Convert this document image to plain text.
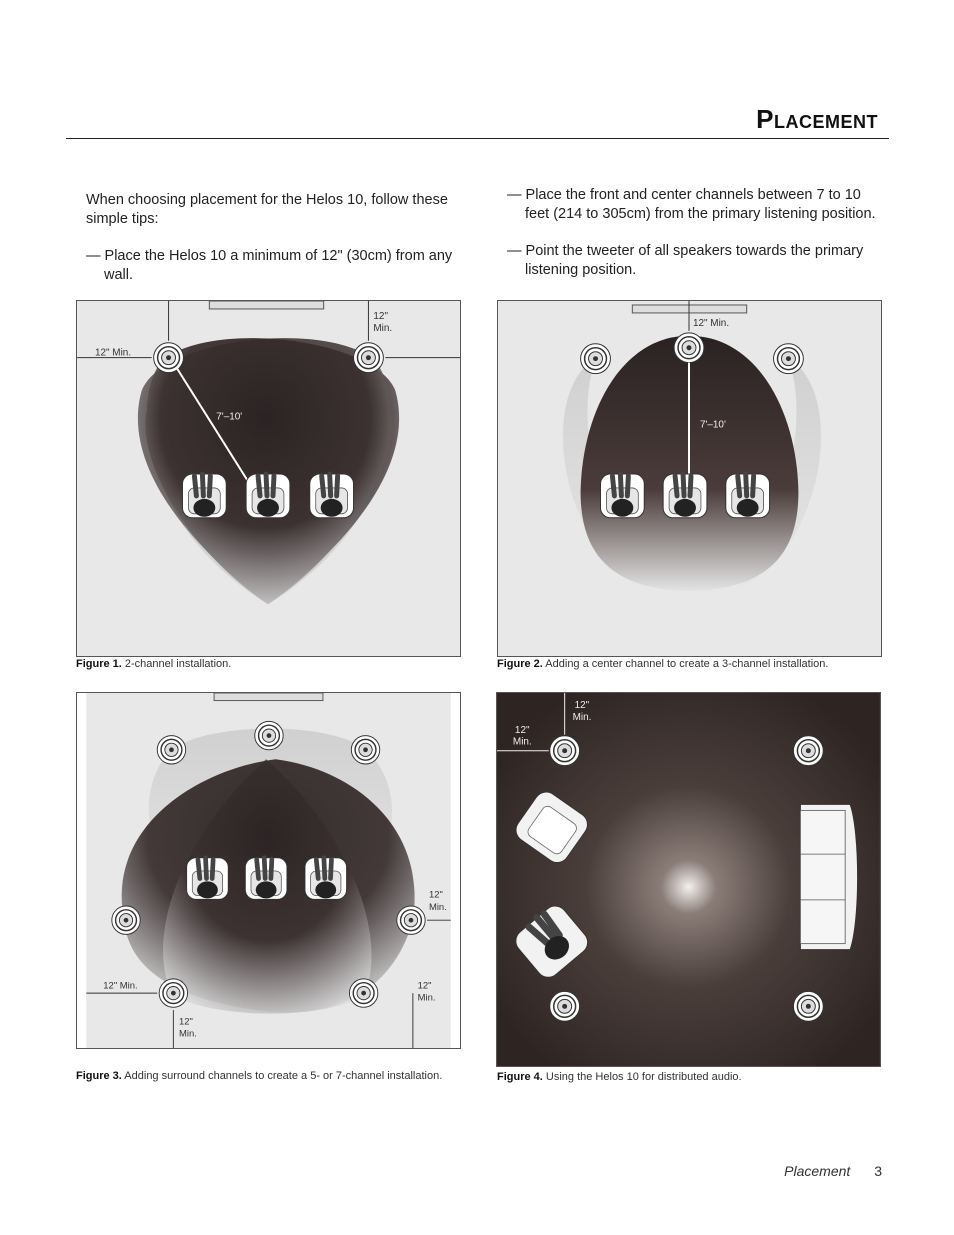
Placement

When choosing placement for the Helos 10, follow these simple tips:

— Place the Helos 10 a minimum of 12" (30cm) from any wall.

— Place the front and center channels between 7 to 10 feet (214 to 305cm) from the primary listening position.

— Point the tweeter of all speakers towards the primary listening position.

12" Min.
12"
Min.
7'–10'
Figure 1. 2-channel installation.
12" Min.
7'–10'
Figure 2. Adding a center channel to create a 3-channel installation.
12"
Min.
12" Min.
12"
Min.
12"
Min.
Figure 3. Adding surround channels to create a 5- or 7-channel installation.
12"
Min.
12"
Min.
Figure 4. Using the Helos 10 for distributed audio.
Placement 3
